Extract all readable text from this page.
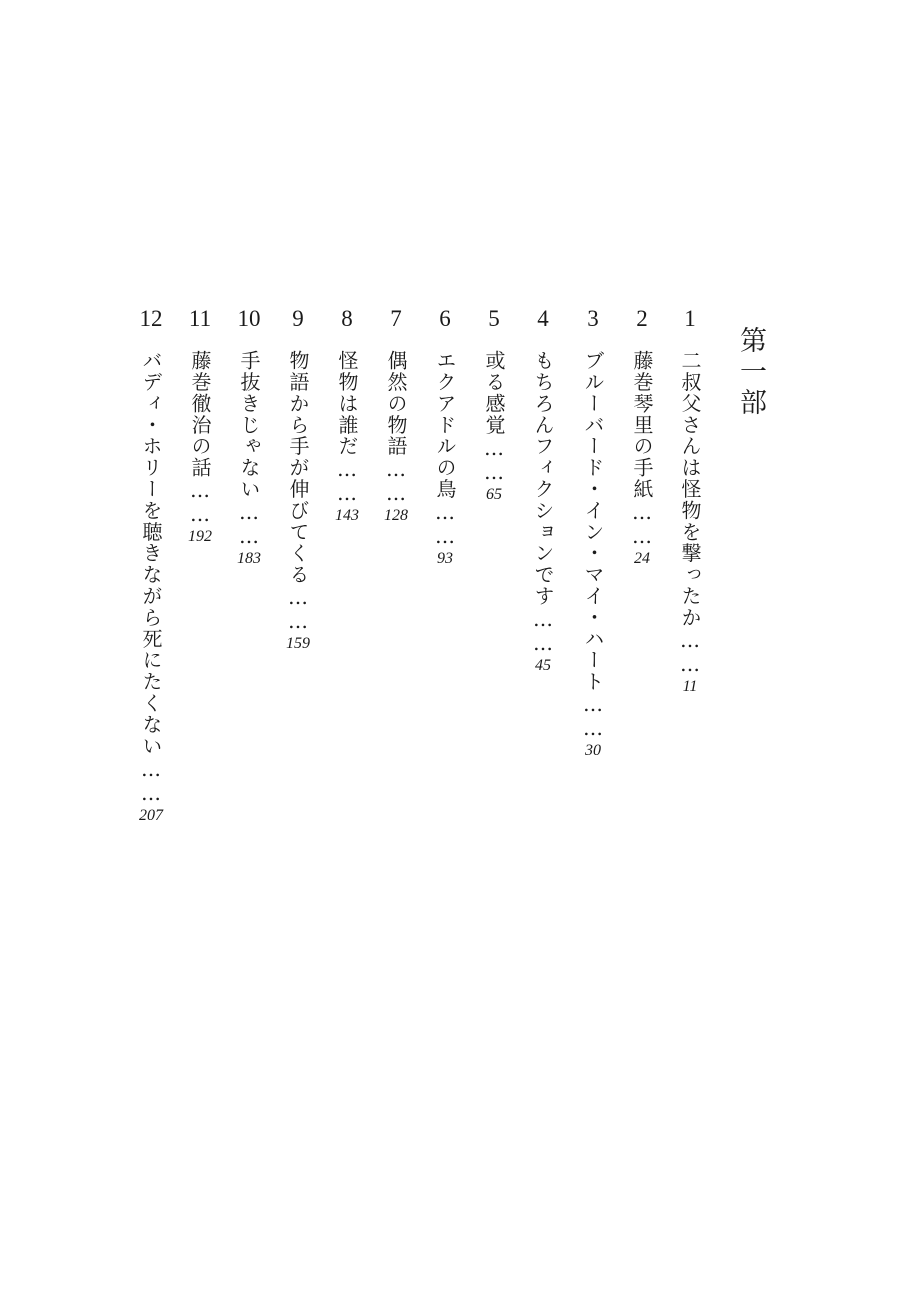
第一部
1
二叔父さんは怪物を撃ったか
……
11
2
藤巻琴里の手紙
……
24
3
ブルーバード・イン・マイ・ハート
……
30
4
もちろんフィクションです
……
45
5
或る感覚
……
65
6
エクアドルの鳥
……
93
7
偶然の物語
……
128
8
怪物は誰だ
……
143
9
物語から手が伸びてくる
……
159
10
手抜きじゃない
……
183
11
藤巻徹治の話
……
192
12
バディ・ホリーを聴きながら死にたくない
……
207
